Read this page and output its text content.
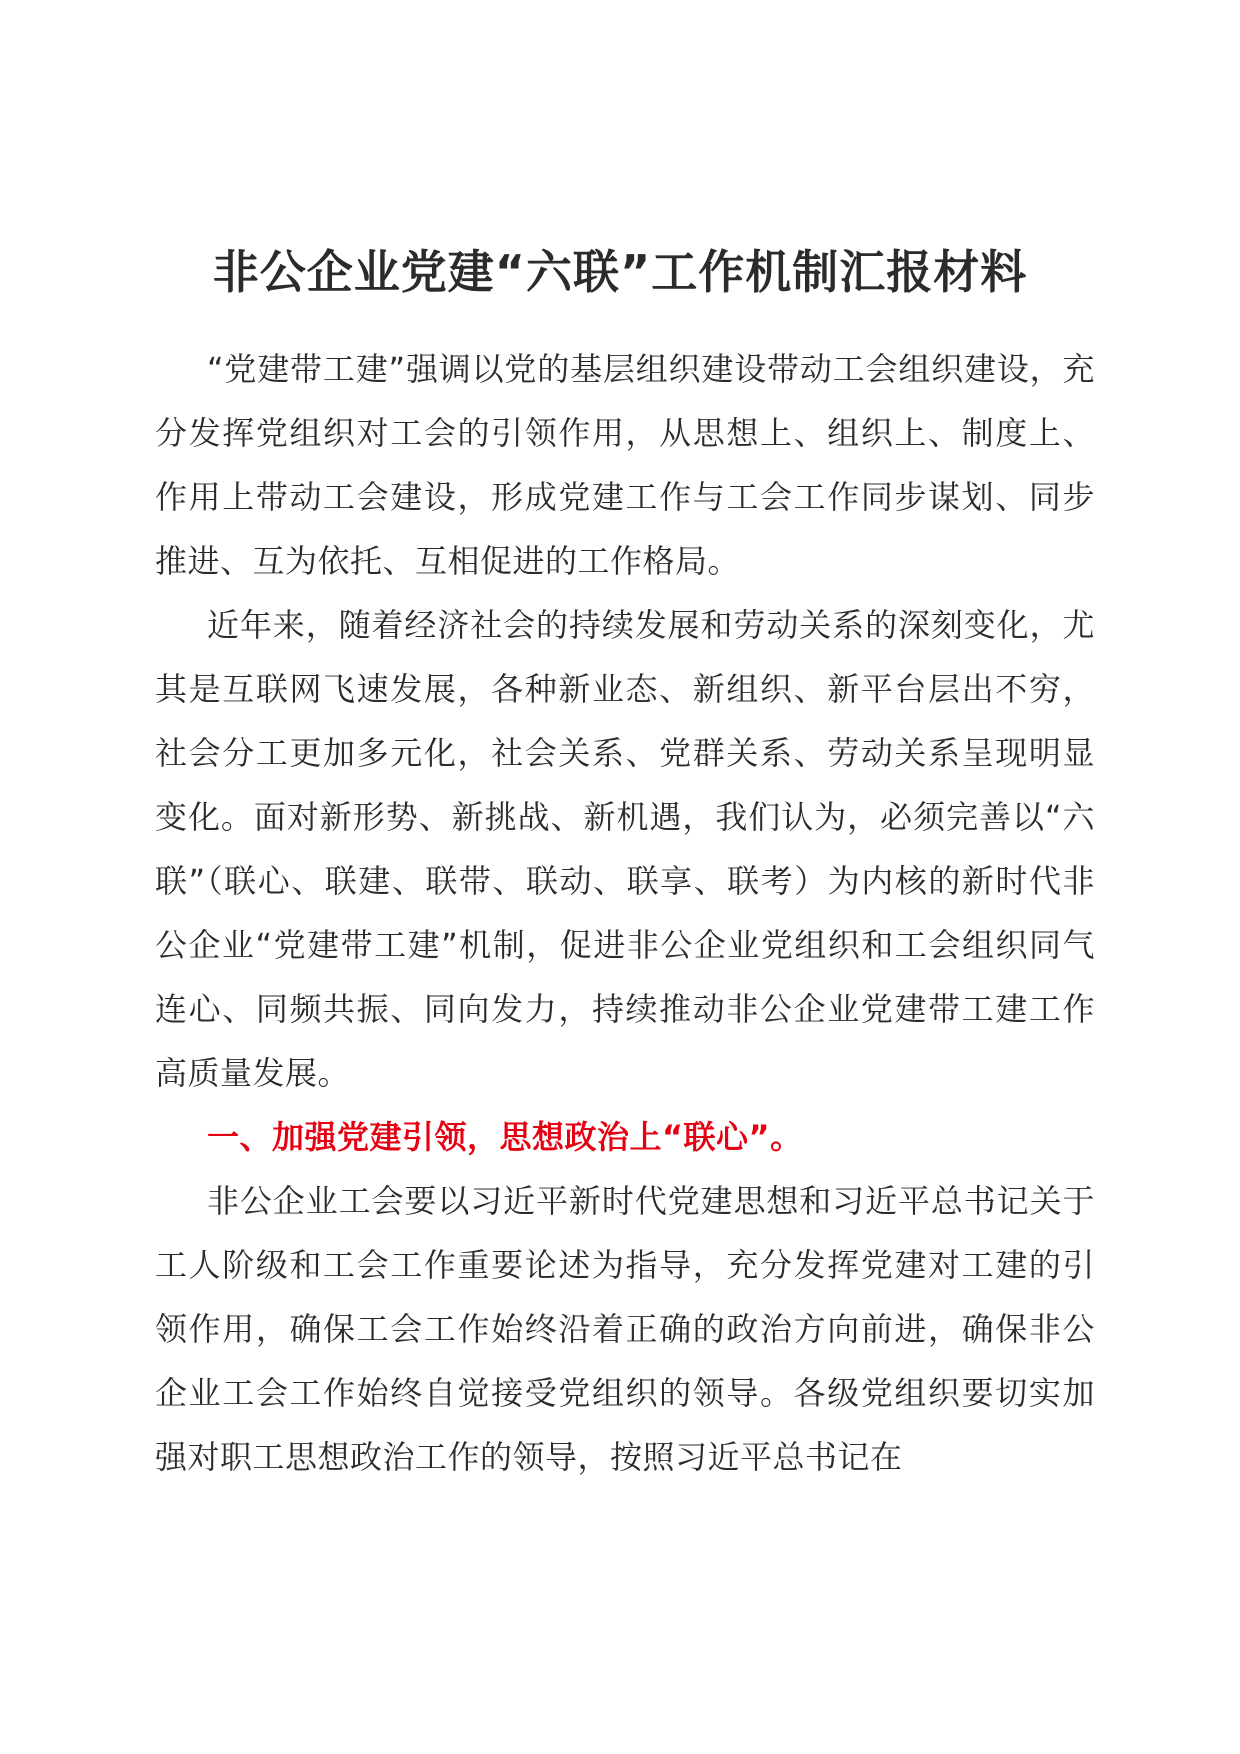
非公企业党建“六联”工作机制汇报材料

“党建带工建”强调以党的基层组织建设带动工会组织建设，充分发挥党组织对工会的引领作用，从思想上、组织上、制度上、作用上带动工会建设，形成党建工作与工会工作同步谋划、同步推进、互为依托、互相促进的工作格局。

近年来，随着经济社会的持续发展和劳动关系的深刻变化，尤其是互联网飞速发展，各种新业态、新组织、新平台层出不穷，社会分工更加多元化，社会关系、党群关系、劳动关系呈现明显变化。面对新形势、新挑战、新机遇，我们认为，必须完善以“六联”（联心、联建、联带、联动、联享、联考）为内核的新时代非公企业“党建带工建”机制，促进非公企业党组织和工会组织同气连心、同频共振、同向发力，持续推动非公企业党建带工建工作高质量发展。

一、加强党建引领，思想政治上“联心”。

非公企业工会要以习近平新时代党建思想和习近平总书记关于工人阶级和工会工作重要论述为指导，充分发挥党建对工建的引领作用，确保工会工作始终沿着正确的政治方向前进，确保非公企业工会工作始终自觉接受党组织的领导。各级党组织要切实加强对职工思想政治工作的领导，按照习近平总书记在
